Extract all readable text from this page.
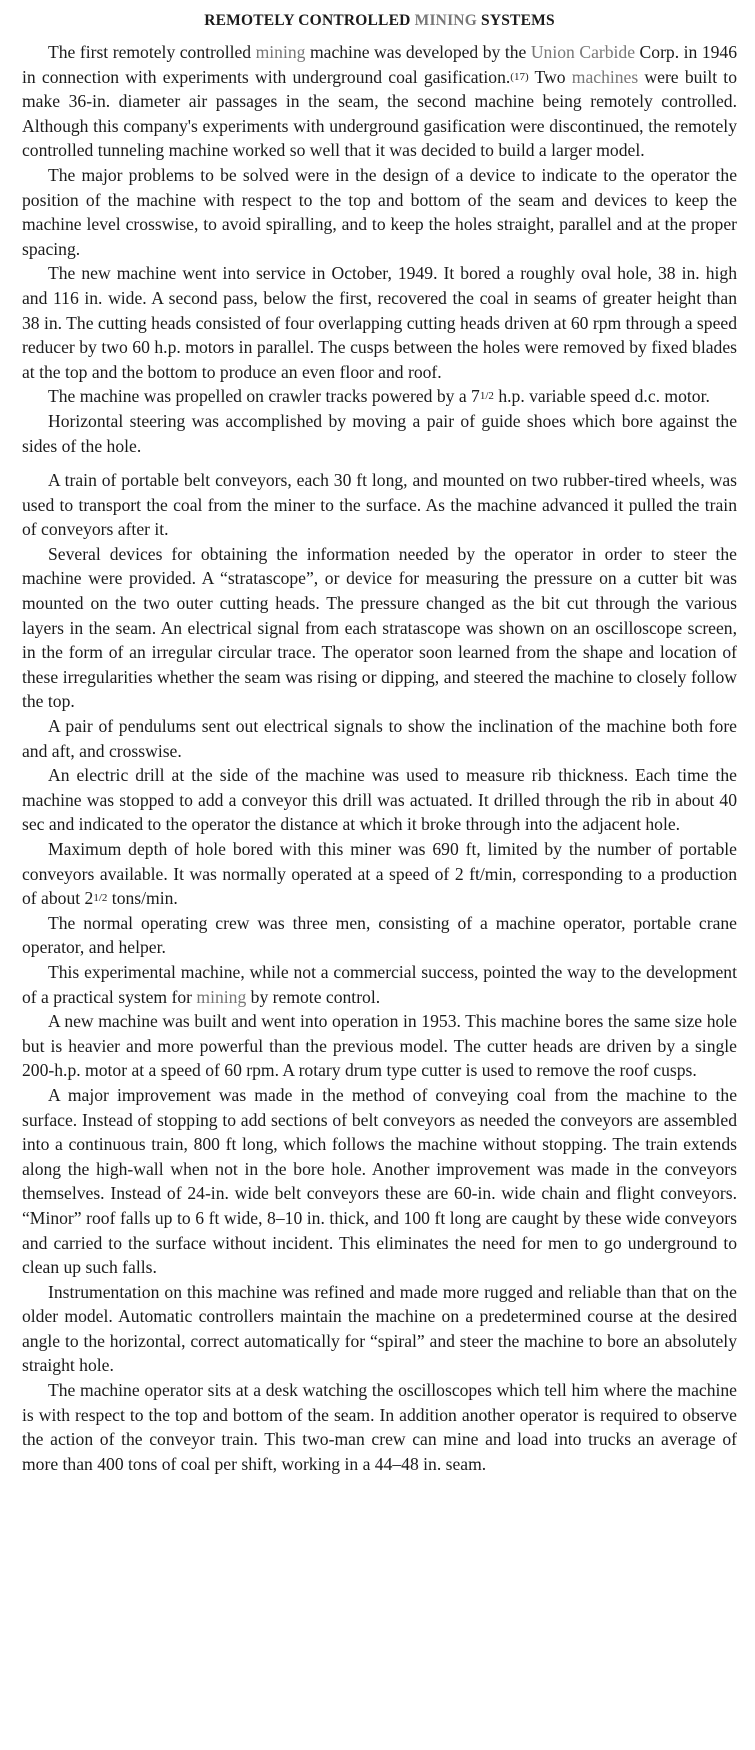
REMOTELY CONTROLLED MINING SYSTEMS

The first remotely controlled mining machine was developed by the Union Carbide Corp. in 1946 in connection with experiments with underground coal gasification.$^{(17)}$ Two machines were built to make 36-in. diameter air passages in the seam, the second machine being remotely controlled. Although this company's experiments with underground gasification were discontinued, the remotely controlled tunneling machine worked so well that it was decided to build a larger model.

The major problems to be solved were in the design of a device to indicate to the operator the position of the machine with respect to the top and bottom of the seam and devices to keep the machine level crosswise, to avoid spiralling, and to keep the holes straight, parallel and at the proper spacing.

The new machine went into service in October, 1949. It bored a roughly oval hole, 38 in. high and 116 in. wide. A second pass, below the first, recovered the coal in seams of greater height than 38 in. The cutting heads consisted of four overlapping cutting heads driven at 60 rpm through a speed reducer by two 60 h.p. motors in parallel. The cusps between the holes were removed by fixed blades at the top and the bottom to produce an even floor and roof.

The machine was propelled on crawler tracks powered by a 71/2 h.p. variable speed d.c. motor.

Horizontal steering was accomplished by moving a pair of guide shoes which bore against the sides of the hole.

A train of portable belt conveyors, each 30 ft long, and mounted on two rubber-tired wheels, was used to transport the coal from the miner to the surface. As the machine advanced it pulled the train of conveyors after it.

Several devices for obtaining the information needed by the operator in order to steer the machine were provided. A “stratascope”, or device for measuring the pressure on a cutter bit was mounted on the two outer cutting heads. The pressure changed as the bit cut through the various layers in the seam. An electrical signal from each stratascope was shown on an oscilloscope screen, in the form of an irregular circular trace. The operator soon learned from the shape and location of these irregularities whether the seam was rising or dipping, and steered the machine to closely follow the top.

A pair of pendulums sent out electrical signals to show the inclination of the machine both fore and aft, and crosswise.

An electric drill at the side of the machine was used to measure rib thickness. Each time the machine was stopped to add a conveyor this drill was actuated. It drilled through the rib in about 40 sec and indicated to the operator the distance at which it broke through into the adjacent hole.

Maximum depth of hole bored with this miner was 690 ft, limited by the number of portable conveyors available. It was normally operated at a speed of 2 ft/min, corresponding to a production of about 21/2 tons/min.

The normal operating crew was three men, consisting of a machine operator, portable crane operator, and helper.

This experimental machine, while not a commercial success, pointed the way to the development of a practical system for mining by remote control.

A new machine was built and went into operation in 1953. This machine bores the same size hole but is heavier and more powerful than the previous model. The cutter heads are driven by a single 200-h.p. motor at a speed of 60 rpm. A rotary drum type cutter is used to remove the roof cusps.

A major improvement was made in the method of conveying coal from the machine to the surface. Instead of stopping to add sections of belt conveyors as needed the conveyors are assembled into a continuous train, 800 ft long, which follows the machine without stopping. The train extends along the high-wall when not in the bore hole. Another improvement was made in the conveyors themselves. Instead of 24-in. wide belt conveyors these are 60-in. wide chain and flight conveyors. “Minor” roof falls up to 6 ft wide, 8–10 in. thick, and 100 ft long are caught by these wide conveyors and carried to the surface without incident. This eliminates the need for men to go underground to clean up such falls.

Instrumentation on this machine was refined and made more rugged and reliable than that on the older model. Automatic controllers maintain the machine on a predetermined course at the desired angle to the horizontal, correct automatically for “spiral” and steer the machine to bore an absolutely straight hole.

The machine operator sits at a desk watching the oscilloscopes which tell him where the machine is with respect to the top and bottom of the seam. In addition another operator is required to observe the action of the conveyor train. This two-man crew can mine and load into trucks an average of more than 400 tons of coal per shift, working in a 44–48 in. seam.
